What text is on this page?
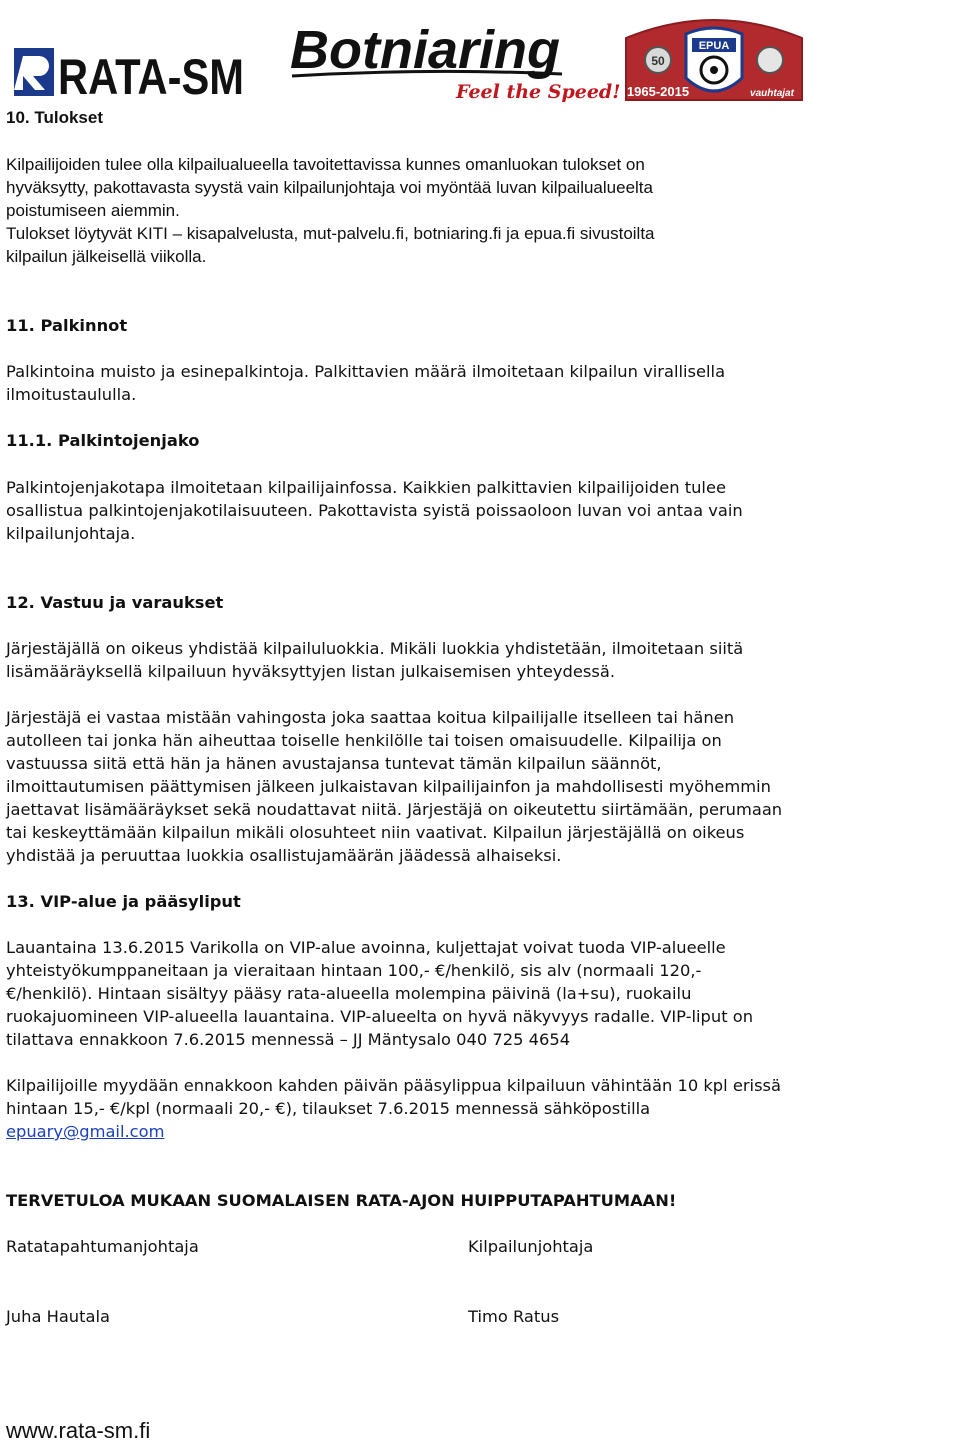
RATA-SM Botniaring
Feel the Speed!
EPUA
50
1965-2015	vauhtajat
10. Tulokset
Kilpailijoiden tulee olla kilpailualueella tavoitettavissa kunnes omanluokan tulokset on
hyväksytty, pakottavasta syystä vain kilpailunjohtaja voi myöntää luvan kilpailualueelta
poistumiseen aiemmin.
Tulokset löytyvät KITI – kisapalvelusta, mut-palvelu.fi, botniaring.fi ja epua.fi sivustoilta
kilpailun jälkeisellä viikolla.
11. Palkinnot
Palkintoina muisto ja esinepalkintoja. Palkittavien määrä ilmoitetaan kilpailun virallisella
ilmoitustaululla.
11.1. Palkintojenjako
Palkintojenjakotapa ilmoitetaan kilpailijainfossa. Kaikkien palkittavien kilpailijoiden tulee
osallistua palkintojenjakotilaisuuteen. Pakottavista syistä poissaoloon luvan voi antaa vain
kilpailunjohtaja.
12. Vastuu ja varaukset
Järjestäjällä on oikeus yhdistää kilpailuluokkia. Mikäli luokkia yhdistetään, ilmoitetaan siitä
lisämääräyksellä kilpailuun hyväksyttyjen listan julkaisemisen yhteydessä.
Järjestäjä ei vastaa mistään vahingosta joka saattaa koitua kilpailijalle itselleen tai hänen
autolleen tai jonka hän aiheuttaa toiselle henkilölle tai toisen omaisuudelle. Kilpailija on
vastuussa siitä että hän ja hänen avustajansa tuntevat tämän kilpailun säännöt,
ilmoittautumisen päättymisen jälkeen julkaistavan kilpailijainfon ja mahdollisesti myöhemmin
jaettavat lisämääräykset sekä noudattavat niitä. Järjestäjä on oikeutettu siirtämään, perumaan
tai keskeyttämään kilpailun mikäli olosuhteet niin vaativat. Kilpailun järjestäjällä on oikeus
yhdistää ja peruuttaa luokkia osallistujamäärän jäädessä alhaiseksi.
13. VIP-alue ja pääsyliput
Lauantaina 13.6.2015 Varikolla on VIP-alue avoinna, kuljettajat voivat tuoda VIP-alueelle
yhteistyökumppaneitaan ja vieraitaan hintaan 100,- €/henkilö, sis alv (normaali 120,-
€/henkilö). Hintaan sisältyy pääsy rata-alueella molempina päivinä (la+su), ruokailu
ruokajuomineen VIP-alueella lauantaina. VIP-alueelta on hyvä näkyvyys radalle. VIP-liput on
tilattava ennakkoon 7.6.2015 mennessä – JJ Mäntysalo 040 725 4654
Kilpailijoille myydään ennakkoon kahden päivän pääsylippua kilpailuun vähintään 10 kpl erissä
hintaan 15,- €/kpl (normaali 20,- €), tilaukset 7.6.2015 mennessä sähköpostilla
epuary@gmail.com
TERVETULOA MUKAAN SUOMALAISEN RATA-AJON HUIPPUTAPAHTUMAAN!
Ratatapahtumanjohtaja	Kilpailunjohtaja
Juha Hautala	Timo Ratus
www.rata-sm.fi
